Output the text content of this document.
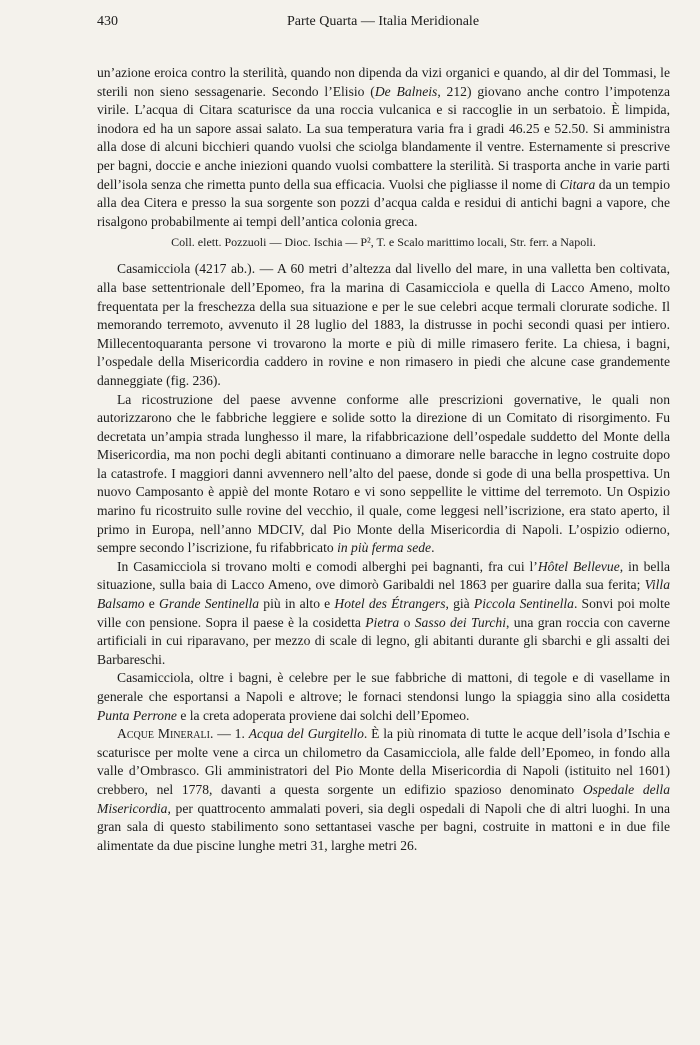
430	Parte Quarta — Italia Meridionale

un’azione eroica contro la sterilità, quando non dipenda da vizi organici e quando, al dir del Tommasi, le sterili non sieno sessagenarie. Secondo l’Elisio (De Balneis, 212) giovano anche contro l’impotenza virile. L’acqua di Citara scaturisce da una roccia vulcanica e si raccoglie in un serbatoio. È limpida, inodora ed ha un sapore assai salato. La sua temperatura varia fra i gradi 46.25 e 52.50. Si amministra alla dose di alcuni bicchieri quando vuolsi che sciolga blandamente il ventre. Esternamente si prescrive per bagni, doccie e anche iniezioni quando vuolsi combattere la sterilità. Si trasporta anche in varie parti dell’isola senza che rimetta punto della sua efficacia. Vuolsi che pigliasse il nome di Citara da un tempio alla dea Citera e presso la sua sorgente son pozzi d’acqua calda e residui di antichi bagni a vapore, che risalgono probabilmente ai tempi dell’antica colonia greca.

Coll. elett. Pozzuoli — Dioc. Ischia — P², T. e Scalo marittimo locali, Str. ferr. a Napoli.

Casamicciola (4217 ab.). — A 60 metri d’altezza dal livello del mare, in una valletta ben coltivata, alla base settentrionale dell’Epomeo, fra la marina di Casamicciola e quella di Lacco Ameno, molto frequentata per la freschezza della sua situazione e per le sue celebri acque termali clorurate sodiche. Il memorando terremoto, avvenuto il 28 luglio del 1883, la distrusse in pochi secondi quasi per intiero. Millecentoquaranta persone vi trovarono la morte e più di mille rimasero ferite. La chiesa, i bagni, l’ospedale della Misericordia caddero in rovine e non rimasero in piedi che alcune case grandemente danneggiate (fig. 236).

La ricostruzione del paese avvenne conforme alle prescrizioni governative, le quali non autorizzarono che le fabbriche leggiere e solide sotto la direzione di un Comitato di risorgimento. Fu decretata un’ampia strada lunghesso il mare, la rifabbricazione dell’ospedale suddetto del Monte della Misericordia, ma non pochi degli abitanti continuano a dimorare nelle baracche in legno costruite dopo la catastrofe. I maggiori danni avvennero nell’alto del paese, donde si gode di una bella prospettiva. Un nuovo Camposanto è appiè del monte Rotaro e vi sono seppellite le vittime del terremoto. Un Ospizio marino fu ricostruito sulle rovine del vecchio, il quale, come leggesi nell’iscrizione, era stato aperto, il primo in Europa, nell’anno MDCIV, dal Pio Monte della Misericordia di Napoli. L’ospizio odierno, sempre secondo l’iscrizione, fu rifabbricato in più ferma sede.

In Casamicciola si trovano molti e comodi alberghi pei bagnanti, fra cui l’Hôtel Bellevue, in bella situazione, sulla baia di Lacco Ameno, ove dimorò Garibaldi nel 1863 per guarire dalla sua ferita; Villa Balsamo e Grande Sentinella più in alto e Hotel des Étrangers, già Piccola Sentinella. Sonvi poi molte ville con pensione. Sopra il paese è la cosidetta Pietra o Sasso dei Turchi, una gran roccia con caverne artificiali in cui riparavano, per mezzo di scale di legno, gli abitanti durante gli sbarchi e gli assalti dei Barbareschi.

Casamicciola, oltre i bagni, è celebre per le sue fabbriche di mattoni, di tegole e di vasellame in generale che esportansi a Napoli e altrove; le fornaci stendonsi lungo la spiaggia sino alla cosidetta Punta Perrone e la creta adoperata proviene dai solchi dell’Epomeo.

Acque Minerali. — 1. Acqua del Gurgitello. È la più rinomata di tutte le acque dell’isola d’Ischia e scaturisce per molte vene a circa un chilometro da Casamicciola, alle falde dell’Epomeo, in fondo alla valle d’Ombrasco. Gli amministratori del Pio Monte della Misericordia di Napoli (istituito nel 1601) crebbero, nel 1778, davanti a questa sorgente un edifizio spazioso denominato Ospedale della Misericordia, per quattrocento ammalati poveri, sia degli ospedali di Napoli che di altri luoghi. In una gran sala di questo stabilimento sono settantasei vasche per bagni, costruite in mattoni e in due file alimentate da due piscine lunghe metri 31, larghe metri 26.
